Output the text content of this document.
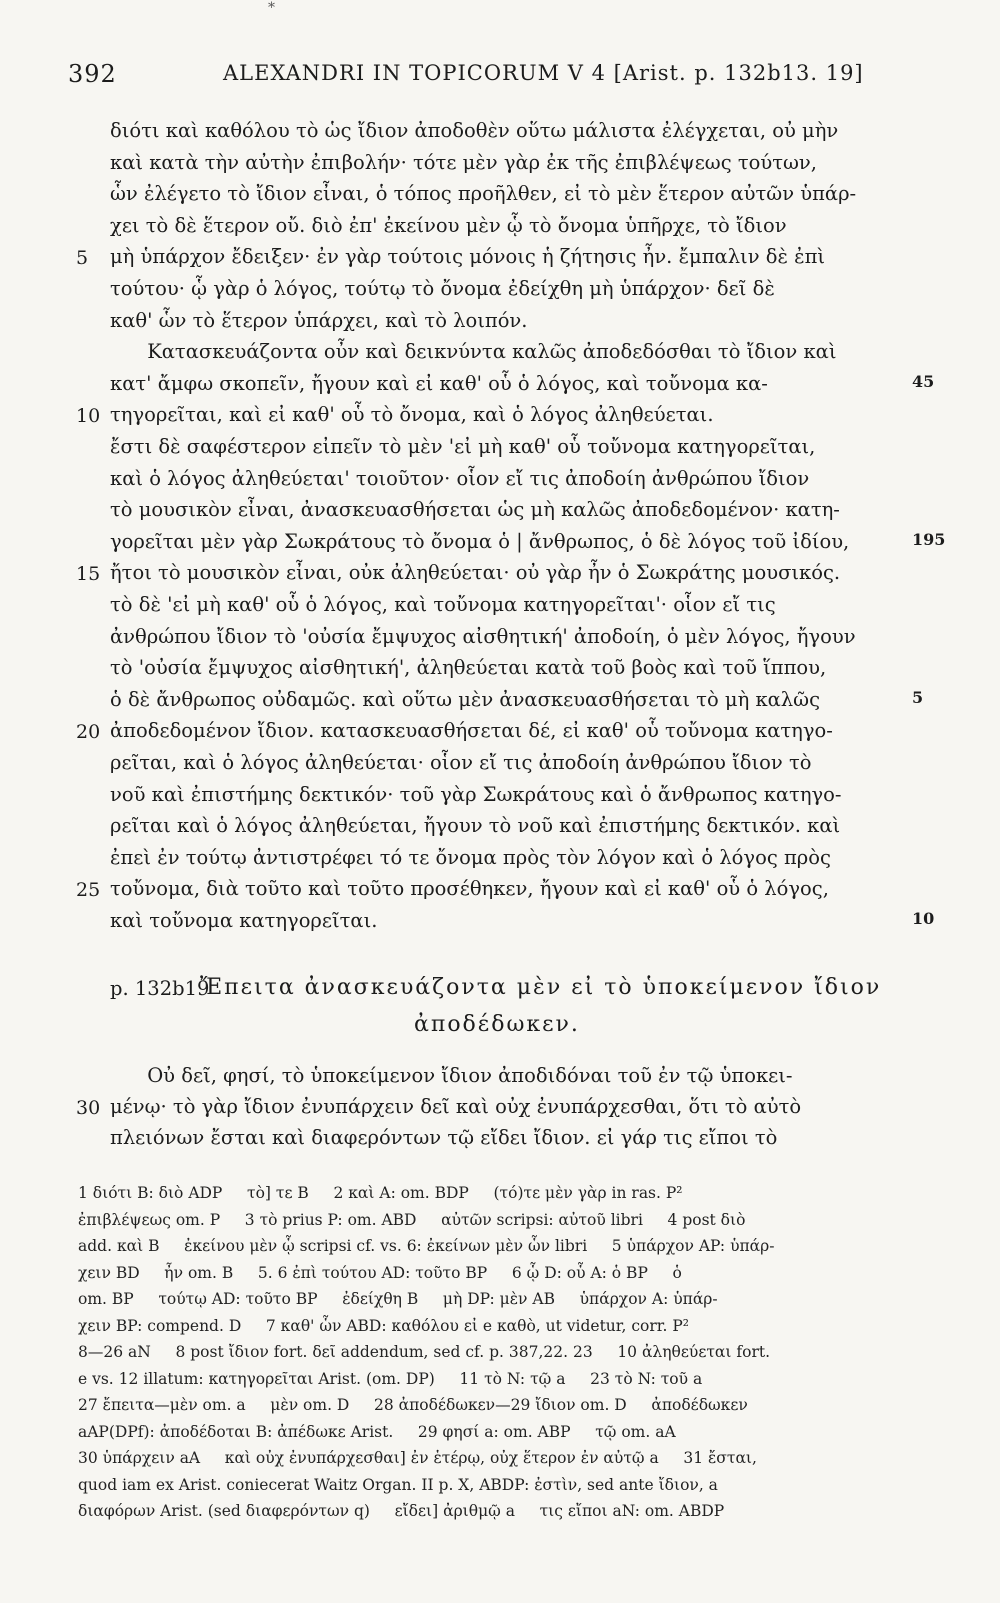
*
392	ALEXANDRI IN TOPICORUM V 4 [Arist. p. 132b13. 19]
διότι καὶ καθόλου τὸ ὡς ἴδιον ἀποδοθὲν οὕτω μάλιστα ἐλέγχεται, οὐ μὴν
καὶ κατὰ τὴν αὐτὴν ἐπιβολήν· τότε μὲν γὰρ ἐκ τῆς ἐπιβλέψεως τούτων,
ὧν ἐλέγετο τὸ ἴδιον εἶναι, ὁ τόπος προῆλθεν, εἰ τὸ μὲν ἕτερον αὐτῶν ὑπάρ-
χει τὸ δὲ ἕτερον οὔ. διὸ ἐπ' ἐκείνου μὲν ᾧ τὸ ὄνομα ὑπῆρχε, τὸ ἴδιον
μὴ ὑπάρχον ἔδειξεν· ἐν γὰρ τούτοις μόνοις ἡ ζήτησις ἦν. ἔμπαλιν δὲ ἐπὶ
τούτου· ᾧ γὰρ ὁ λόγος, τούτῳ τὸ ὄνομα ἐδείχθη μὴ ὑπάρχον· δεῖ δὲ
καθ' ὧν τὸ ἕτερον ὑπάρχει, καὶ τὸ λοιπόν.
Κατασκευάζοντα οὖν καὶ δεικνύντα καλῶς ἀποδεδόσθαι τὸ ἴδιον καὶ
κατ' ἄμφω σκοπεῖν, ἤγουν καὶ εἰ καθ' οὗ ὁ λόγος, καὶ τοὔνομα κα-
τηγορεῖται, καὶ εἰ καθ' οὗ τὸ ὄνομα, καὶ ὁ λόγος ἀληθεύεται.
ἔστι δὲ σαφέστερον εἰπεῖν τὸ μὲν 'εἰ μὴ καθ' οὗ τοὔνομα κατηγορεῖται,
καὶ ὁ λόγος ἀληθεύεται' τοιοῦτον· οἷον εἴ τις ἀποδοίη ἀνθρώπου ἴδιον
τὸ μουσικὸν εἶναι, ἀνασκευασθήσεται ὡς μὴ καλῶς ἀποδεδομένον· κατη-
γορεῖται μὲν γὰρ Σωκράτους τὸ ὄνομα ὁ | ἄνθρωπος, ὁ δὲ λόγος τοῦ ἰδίου,
ἤτοι τὸ μουσικὸν εἶναι, οὐκ ἀληθεύεται· οὐ γὰρ ἦν ὁ Σωκράτης μουσικός.
τὸ δὲ 'εἰ μὴ καθ' οὗ ὁ λόγος, καὶ τοὔνομα κατηγορεῖται'· οἷον εἴ τις
ἀνθρώπου ἴδιον τὸ 'οὐσία ἔμψυχος αἰσθητική' ἀποδοίη, ὁ μὲν λόγος, ἤγουν
τὸ 'οὐσία ἔμψυχος αἰσθητική', ἀληθεύεται κατὰ τοῦ βοὸς καὶ τοῦ ἵππου,
ὁ δὲ ἄνθρωπος οὐδαμῶς. καὶ οὕτω μὲν ἀνασκευασθήσεται τὸ μὴ καλῶς
ἀποδεδομένον ἴδιον. κατασκευασθήσεται δέ, εἰ καθ' οὗ τοὔνομα κατηγο-
ρεῖται, καὶ ὁ λόγος ἀληθεύεται· οἷον εἴ τις ἀποδοίη ἀνθρώπου ἴδιον τὸ
νοῦ καὶ ἐπιστήμης δεκτικόν· τοῦ γὰρ Σωκράτους καὶ ὁ ἄνθρωπος κατηγο-
ρεῖται καὶ ὁ λόγος ἀληθεύεται, ἤγουν τὸ νοῦ καὶ ἐπιστήμης δεκτικόν. καὶ
ἐπεὶ ἐν τούτῳ ἀντιστρέφει τό τε ὄνομα πρὸς τὸν λόγον καὶ ὁ λόγος πρὸς
τοὔνομα, διὰ τοῦτο καὶ τοῦτο προσέθηκεν, ἤγουν καὶ εἰ καθ' οὗ ὁ λόγος,
καὶ τοὔνομα κατηγορεῖται.
5
10
15
20
25
45
195
5
10
p. 132b19
Ἔπειτα ἀνασκευάζοντα μὲν εἰ τὸ ὑποκείμενον ἴδιον
ἀποδέδωκεν.
Οὐ δεῖ, φησί, τὸ ὑποκείμενον ἴδιον ἀποδιδόναι τοῦ ἐν τῷ ὑποκει-
μένῳ· τὸ γὰρ ἴδιον ἐνυπάρχειν δεῖ καὶ οὐχ ἐνυπάρχεσθαι, ὅτι τὸ αὐτὸ
πλειόνων ἔσται καὶ διαφερόντων τῷ εἴδει ἴδιον. εἰ γάρ τις εἴποι τὸ
30
1 διότι B: διὸ ADP     τὸ] τε B     2 καὶ A: om. BDP     (τό)τε μὲν γὰρ in ras. P²
ἐπιβλέψεως om. P     3 τὸ prius P: om. ABD     αὐτῶν scripsi: αὐτοῦ libri     4 post διὸ
add. καὶ B     ἐκείνου μὲν ᾧ scripsi cf. vs. 6: ἐκείνων μὲν ὧν libri     5 ὑπάρχον AP: ὑπάρ-
χειν BD     ἦν om. B     5. 6 ἐπὶ τούτου AD: τοῦτο BP     6 ᾧ D: οὗ A: ὁ BP     ὁ
om. BP     τούτῳ AD: τοῦτο BP     ἐδείχθη B     μὴ DP: μὲν AB     ὑπάρχον A: ὑπάρ-
χειν BP: compend. D     7 καθ' ὧν ABD: καθόλου εἰ e καθὸ, ut videtur, corr. P²
8—26 aN     8 post ἴδιον fort. δεῖ addendum, sed cf. p. 387,22. 23     10 ἀληθεύεται fort.
e vs. 12 illatum: κατηγορεῖται Arist. (om. DP)     11 τὸ N: τῷ a     23 τὸ N: τοῦ a
27 ἔπειτα—μὲν om. a     μὲν om. D     28 ἀποδέδωκεν—29 ἴδιον om. D     ἀποδέδωκεν
aAP(DPf): ἀποδέδοται B: ἀπέδωκε Arist.     29 φησί a: om. ABP     τῷ om. aA
30 ὑπάρχειν aA     καὶ οὐχ ἐνυπάρχεσθαι] ἐν ἑτέρῳ, οὐχ ἕτερον ἐν αὐτῷ a     31 ἔσται,
quod iam ex Arist. coniecerat Waitz Organ. II p. X, ABDP: ἐστὶν, sed ante ἴδιον, a
διαφόρων Arist. (sed διαφερόντων q)     εἴδει] ἀριθμῷ a     τις εἴποι aN: om. ABDP
